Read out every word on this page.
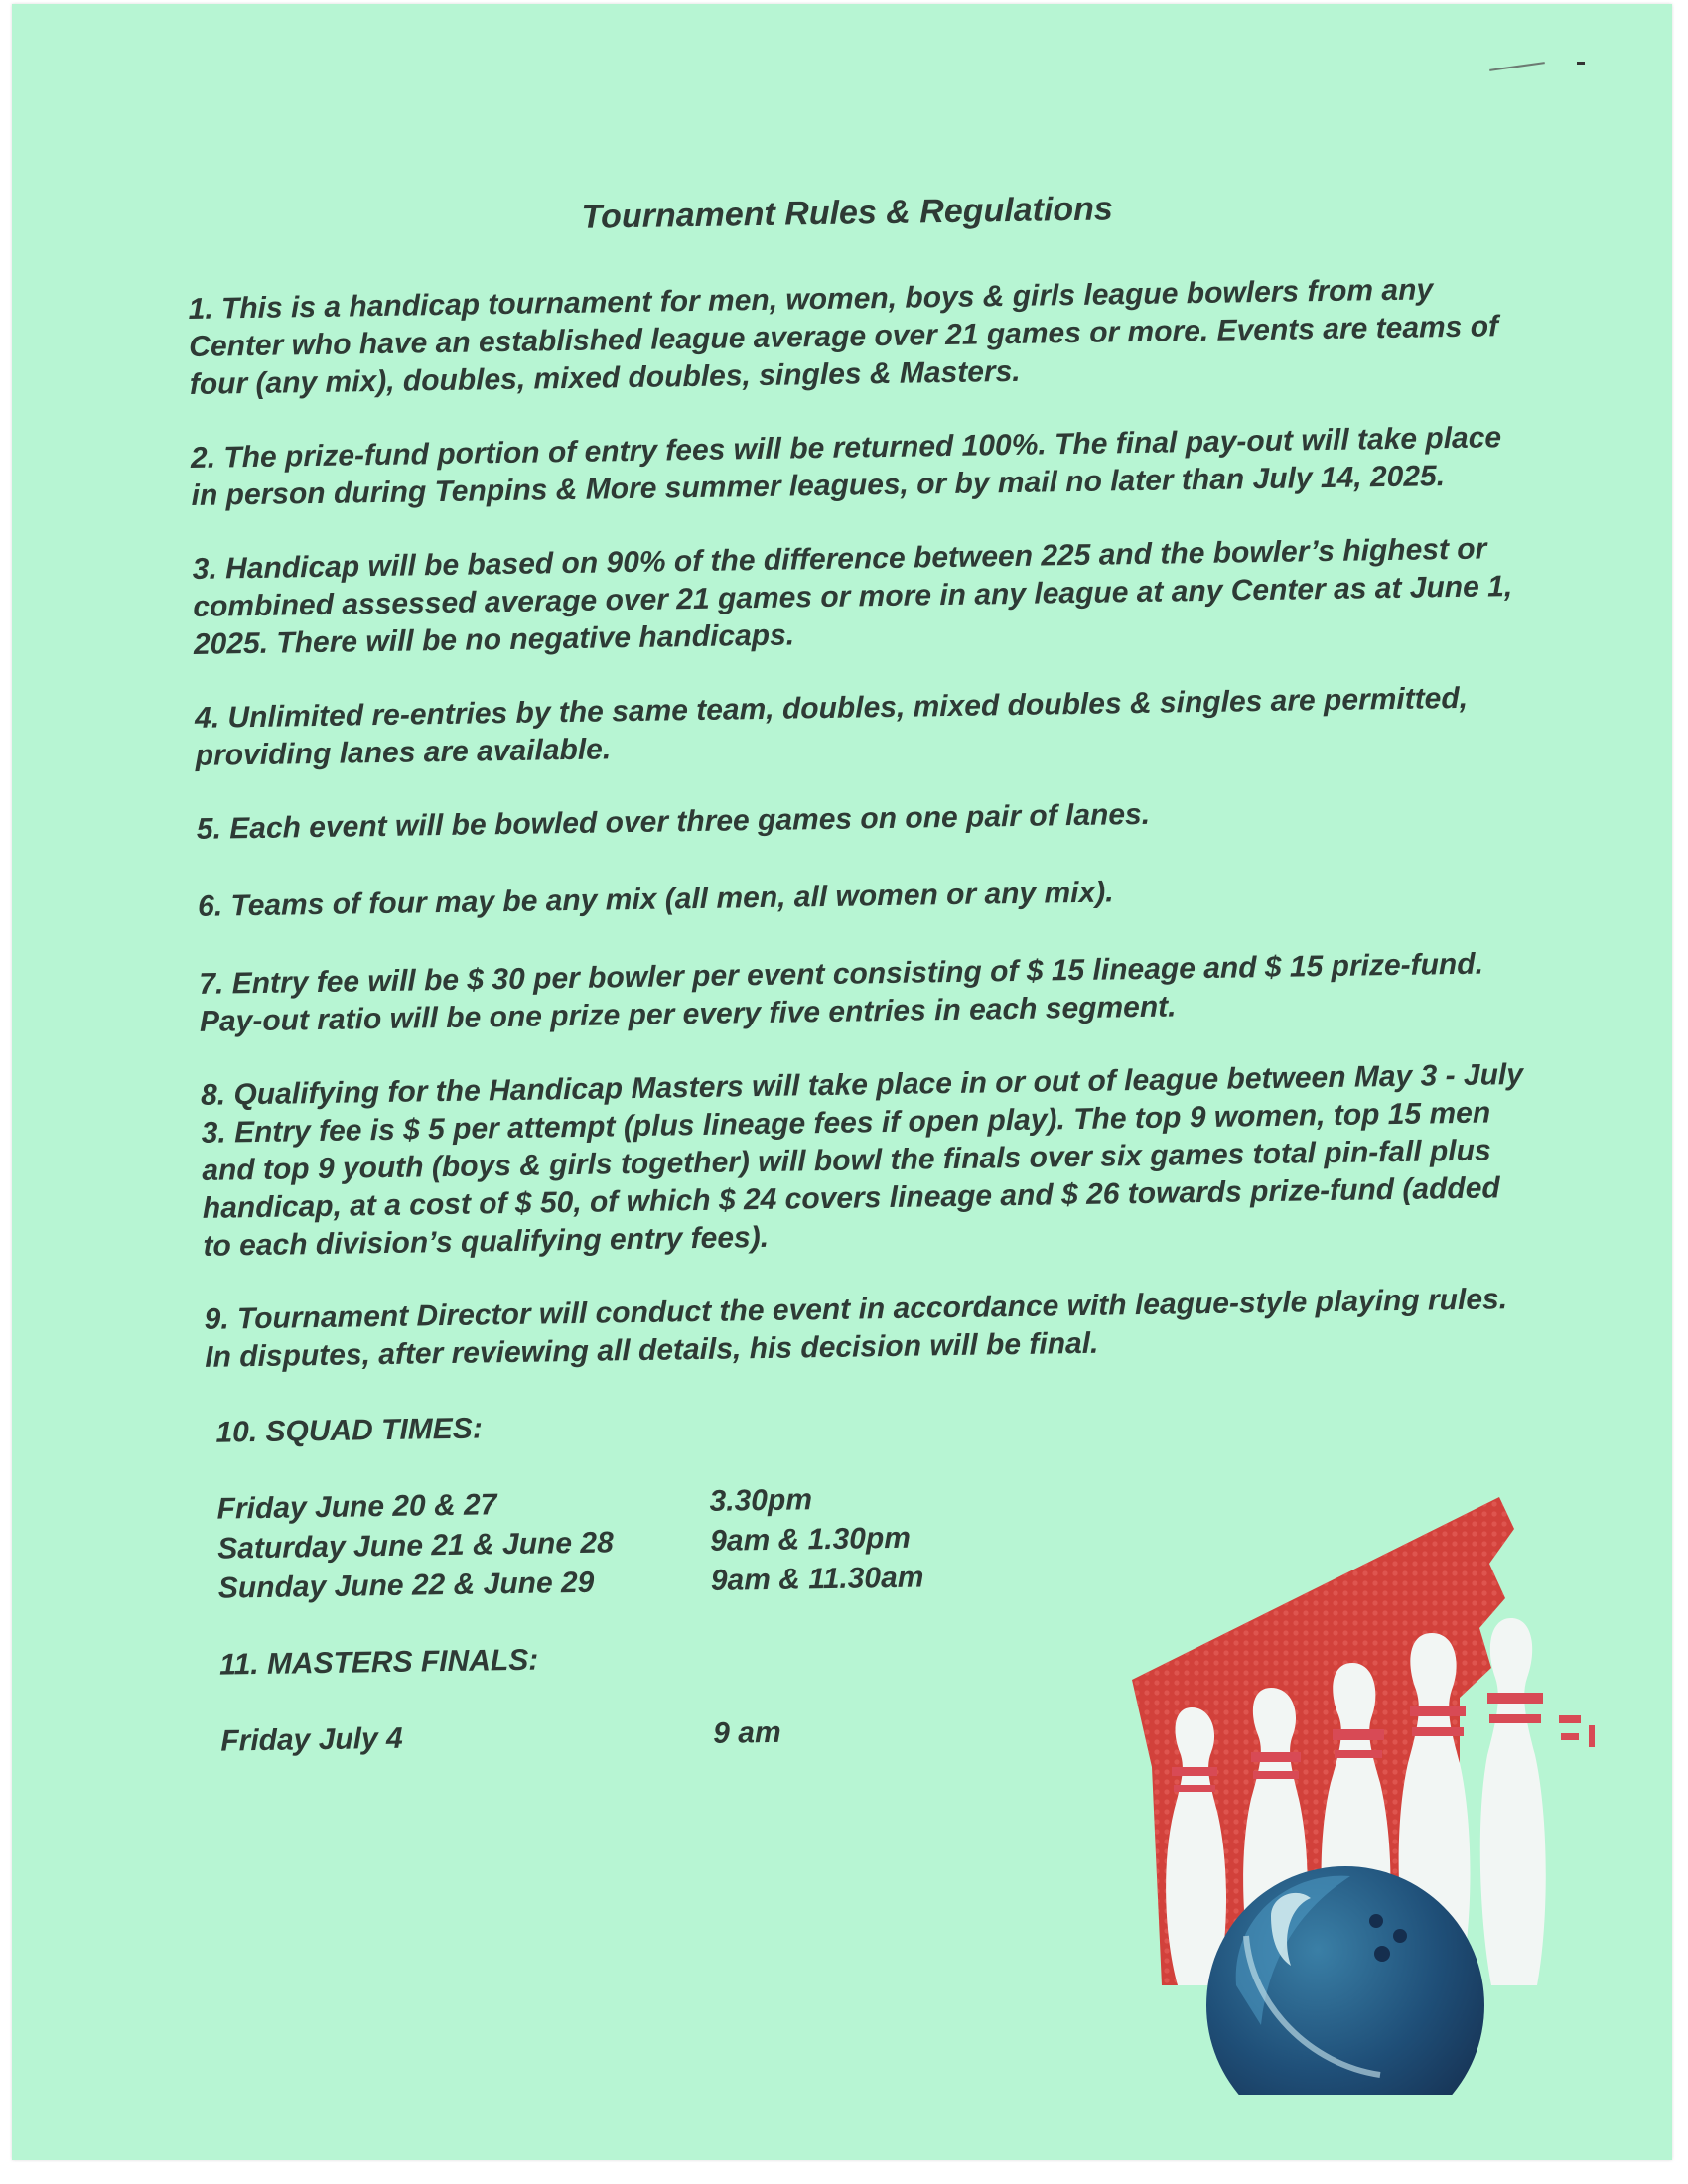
Tournament Rules & Regulations

1. This is a handicap tournament for men, women, boys & girls league bowlers from any Center who have an established league average over 21 games or more. Events are teams of four (any mix), doubles, mixed doubles, singles & Masters.

2. The prize-fund portion of entry fees will be returned 100%. The final pay-out will take place in person during Tenpins & More summer leagues, or by mail no later than July 14, 2025.

3. Handicap will be based on 90% of the difference between 225 and the bowler’s highest or combined assessed average over 21 games or more in any league at any Center as at June 1, 2025. There will be no negative handicaps.

4. Unlimited re-entries by the same team, doubles, mixed doubles & singles are permitted, providing lanes are available.

5. Each event will be bowled over three games on one pair of lanes.

6. Teams of four may be any mix (all men, all women or any mix).

7. Entry fee will be $ 30 per bowler per event consisting of $ 15 lineage and $ 15 prize-fund. Pay-out ratio will be one prize per every five entries in each segment.

8. Qualifying for the Handicap Masters will take place in or out of league between May 3 - July 3. Entry fee is $ 5 per attempt (plus lineage fees if open play). The top 9 women, top 15 men and top 9 youth (boys & girls together) will bowl the finals over six games total pin-fall plus handicap, at a cost of $ 50, of which $ 24 covers lineage and $ 26 towards prize-fund (added to each division’s qualifying entry fees).

9. Tournament Director will conduct the event in accordance with league-style playing rules. In disputes, after reviewing all details, his decision will be final.

10. SQUAD TIMES:
Friday June 20 & 27	3.30pm
Saturday June 21 & June 28	9am & 1.30pm
Sunday June 22 & June 29	9am & 11.30am
11. MASTERS FINALS:
Friday July 4	9 am
